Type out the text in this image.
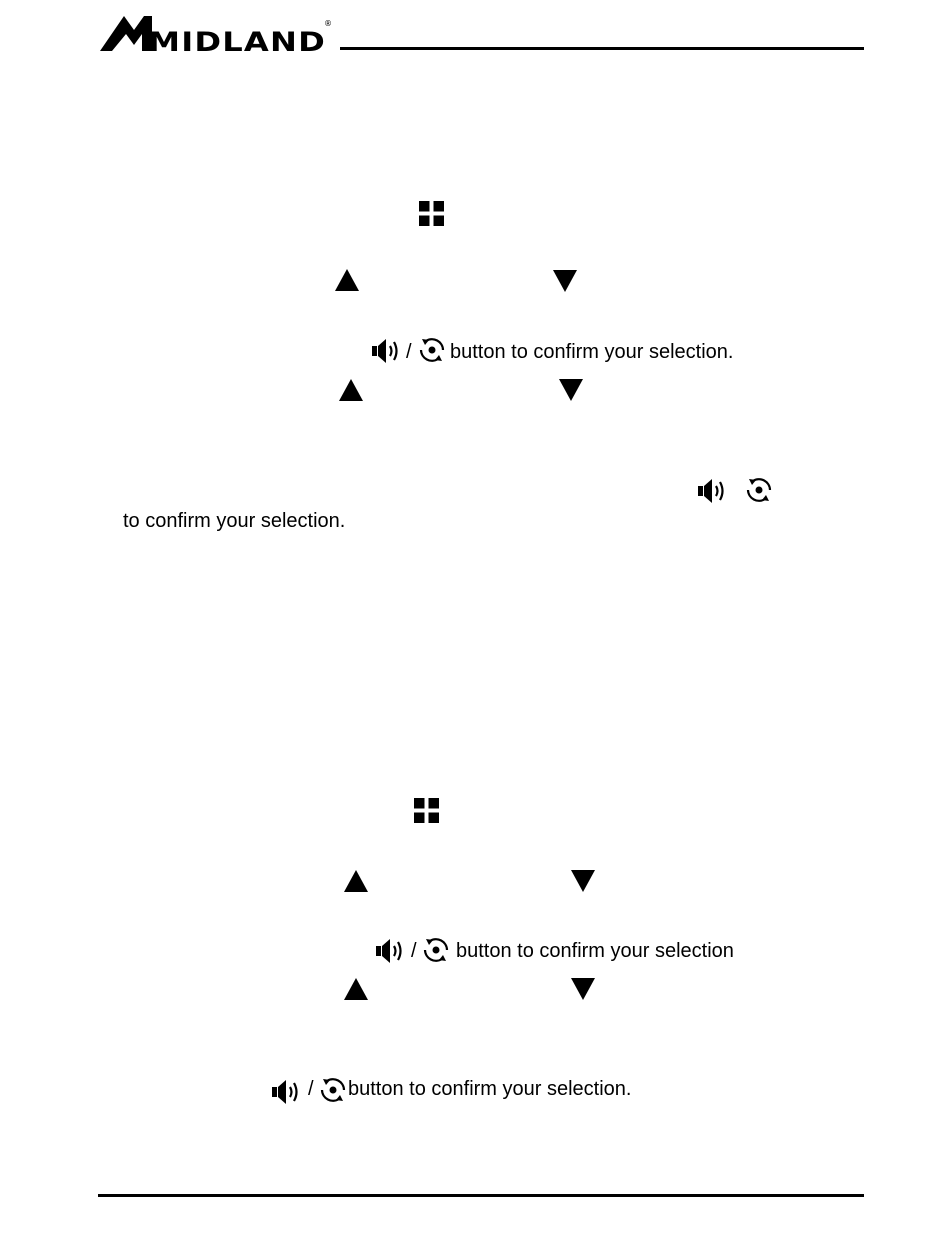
MIDLAND
®
/ button to confirm your selection.
to confirm your selection.
/ button to confirm your selection
/ button to confirm your selection.
